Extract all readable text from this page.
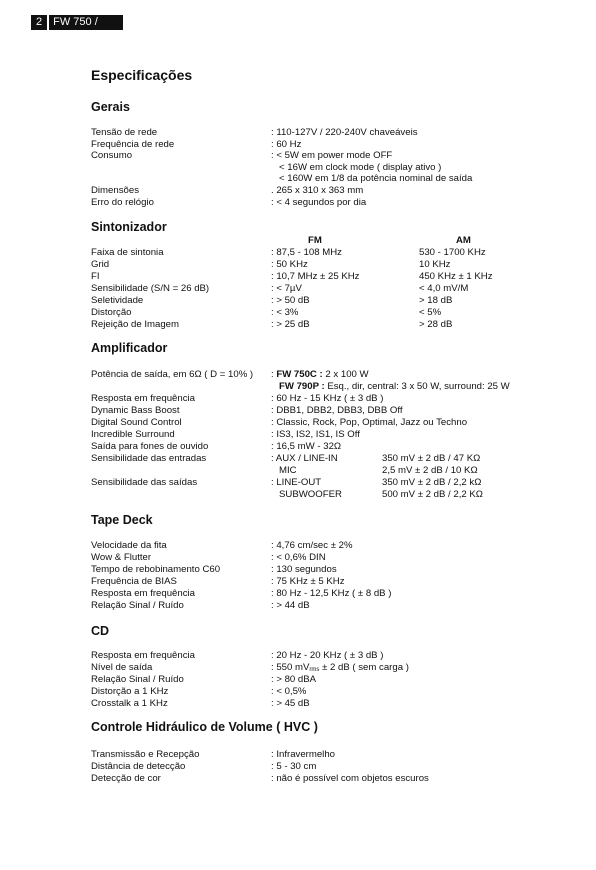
2	FW 750 / 790
Especificações
Gerais
Tensão de rede	: 110-127V / 220-240V chaveáveis
Frequência de rede	: 60 Hz
Consumo	: < 5W em power mode OFF
< 16W em clock mode ( display ativo )
< 160W em 1/8 da potência nominal de saída
Dimensões	. 265 x 310 x 363 mm
Erro do relógio	: < 4 segundos por dia
Sintonizador
FM	AM
Faixa de sintonia	: 87,5 - 108 MHz	530 - 1700 KHz
Grid	: 50 KHz	10 KHz
FI	: 10,7 MHz ± 25 KHz	450 KHz ± 1 KHz
Sensibilidade (S/N = 26 dB)	: < 7µV	< 4,0 mV/M
Seletividade	: > 50 dB	> 18 dB
Distorção	: < 3%	< 5%
Rejeição de Imagem	: > 25 dB	> 28 dB
Amplificador
Potência de saída, em 6Ω ( D = 10% ) : FW 750C : 2 x 100 W
FW 790P : Esq., dir, central: 3 x 50 W, surround: 25 W
Resposta em frequência	: 60 Hz - 15 KHz ( ± 3 dB )
Dynamic Bass Boost	: DBB1, DBB2, DBB3, DBB Off
Digital Sound Control	: Classic, Rock, Pop, Optimal, Jazz ou Techno
Incredible Surround	: IS3, IS2, IS1, IS Off
Saída para fones de ouvido	: 16,5 mW - 32Ω
Sensibilidade das entradas	: AUX / LINE-IN	350 mV ± 2 dB / 47 KΩ
MIC	2,5 mV ± 2 dB / 10 KΩ
Sensibilidade das saídas	: LINE-OUT	350 mV ± 2 dB / 2,2 kΩ
SUBWOOFER	500 mV ± 2 dB / 2,2 KΩ
Tape Deck
Velocidade da fita	: 4,76 cm/sec ± 2%
Wow & Flutter	: < 0,6% DIN
Tempo de rebobinamento C60	: 130 segundos
Frequência de BIAS	: 75 KHz ± 5 KHz
Resposta em frequência	: 80 Hz - 12,5 KHz ( ± 8 dB )
Relação Sinal / Ruído	: > 44 dB
CD
Resposta em frequência	: 20 Hz - 20 KHz ( ± 3 dB )
Nível de saída	: 550 $mV_{rms} \pm 2$ dB ( sem carga )
Relação Sinal / Ruído	: > 80 dBA
Distorção a 1 KHz	: < 0,5%
Crosstalk a 1 KHz	: > 45 dB
Controle Hidráulico de Volume ( HVC )
Transmissão e Recepção	: Infravermelho
Distância de detecção	: 5 - 30 cm
Detecção de cor	: não é possível com objetos escuros
